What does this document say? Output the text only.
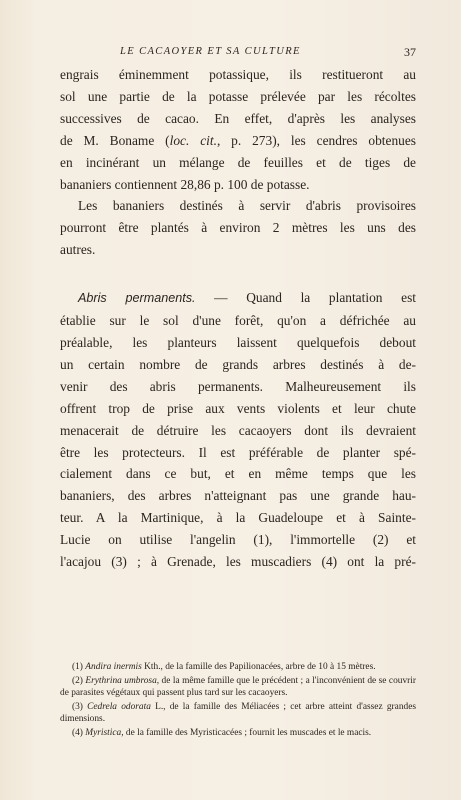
LE CACAOYER ET SA CULTURE	37

engrais éminemment potassique, ils restitueront au

sol une partie de la potasse prélevée par les récoltes

successives de cacao. En effet, d'après les analyses

de M. Boname (loc. cit., p. 273), les cendres obtenues

en incinérant un mélange de feuilles et de tiges de

bananiers contiennent 28,86 p. 100 de potasse.

Les bananiers destinés à servir d'abris provisoires

pourront être plantés à environ 2 mètres les uns des

autres.

Abris permanents. — Quand la plantation est

établie sur le sol d'une forêt, qu'on a défrichée au

préalable, les planteurs laissent quelquefois debout

un certain nombre de grands arbres destinés à de-

venir des abris permanents. Malheureusement ils

offrent trop de prise aux vents violents et leur chute

menacerait de détruire les cacaoyers dont ils devraient

être les protecteurs. Il est préférable de planter spé-

cialement dans ce but, et en même temps que les

bananiers, des arbres n'atteignant pas une grande hau-

teur. A la Martinique, à la Guadeloupe et à Sainte-

Lucie on utilise l'angelin (1), l'immortelle (2) et

l'acajou (3) ; à Grenade, les muscadiers (4) ont la pré-

(1) Andira inermis Kth., de la famille des Papilionacées, arbre de 10 à 15 mètres.

(2) Erythrina umbrosa, de la même famille que le précédent ; a l'inconvénient de se couvrir de parasites végétaux qui passent plus tard sur les cacaoyers.

(3) Cedrela odorata L., de la famille des Méliacées ; cet arbre atteint d'assez grandes dimensions.

(4) Myristica, de la famille des Myristicacées ; fournit les muscades et le macis.
